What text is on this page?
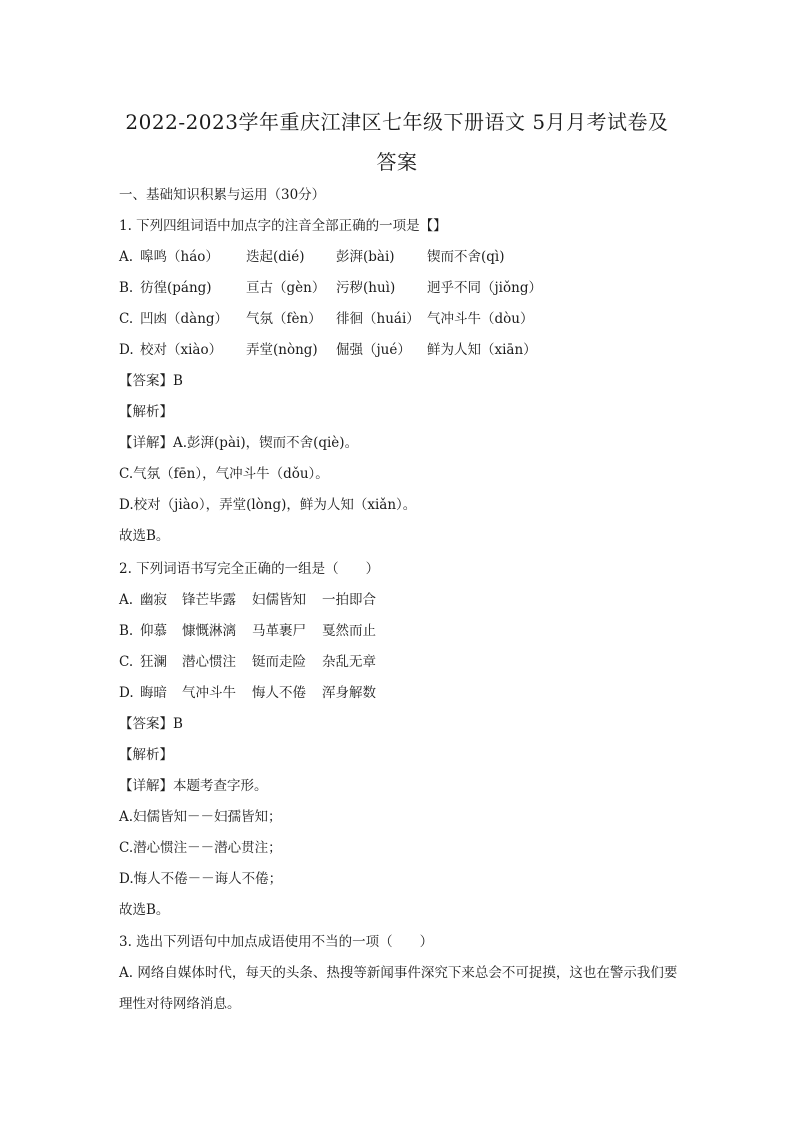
2022-2023学年重庆江津区七年级下册语文 5月月考试卷及
答案
一、基础知识积累与运用（30分）
1. 下列四组词语中加点字的注音全部正确的一项是【】
A. 嗥鸣（háo） 迭起(dié) 彭湃(bài) 锲而不舍(qì)
B. 彷徨(páng)	亘古（gèn） 污秽(huì) 迥乎不同（jiǒng）
C. 凹凼（dàng） 气氛（fèn） 徘徊（huái） 气冲斗牛（dòu）
D. 校对（xiào） 弄堂(nòng) 倔强（jué） 鲜为人知（xiān）
【答案】B
【解析】
【详解】A.彭湃(pài)，锲而不舍(qiè)。
C.气氛（fēn），气冲斗牛（dǒu）。
D.校对（jiào），弄堂(lòng)，鲜为人知（xiǎn）。
故选B。
2. 下列词语书写完全正确的一组是（　　）
A. 幽寂 锋芒毕露 妇儒皆知 一拍即合
B. 仰慕 慷慨淋漓 马革裹尸 戛然而止
C. 狂澜 潜心惯注 铤而走险 杂乱无章
D. 晦暗 气冲斗牛 悔人不倦 浑身解数
【答案】B
【解析】
【详解】本题考查字形。
A.妇儒皆知－－妇孺皆知；
C.潜心惯注－－潜心贯注；
D.悔人不倦－－诲人不倦；
故选B。
3. 选出下列语句中加点成语使用不当的一项（　　）
A. 网络自媒体时代，每天的头条、热搜等新闻事件深究下来总会不可捉摸，这也在警示我们要理性对待网络消息。
